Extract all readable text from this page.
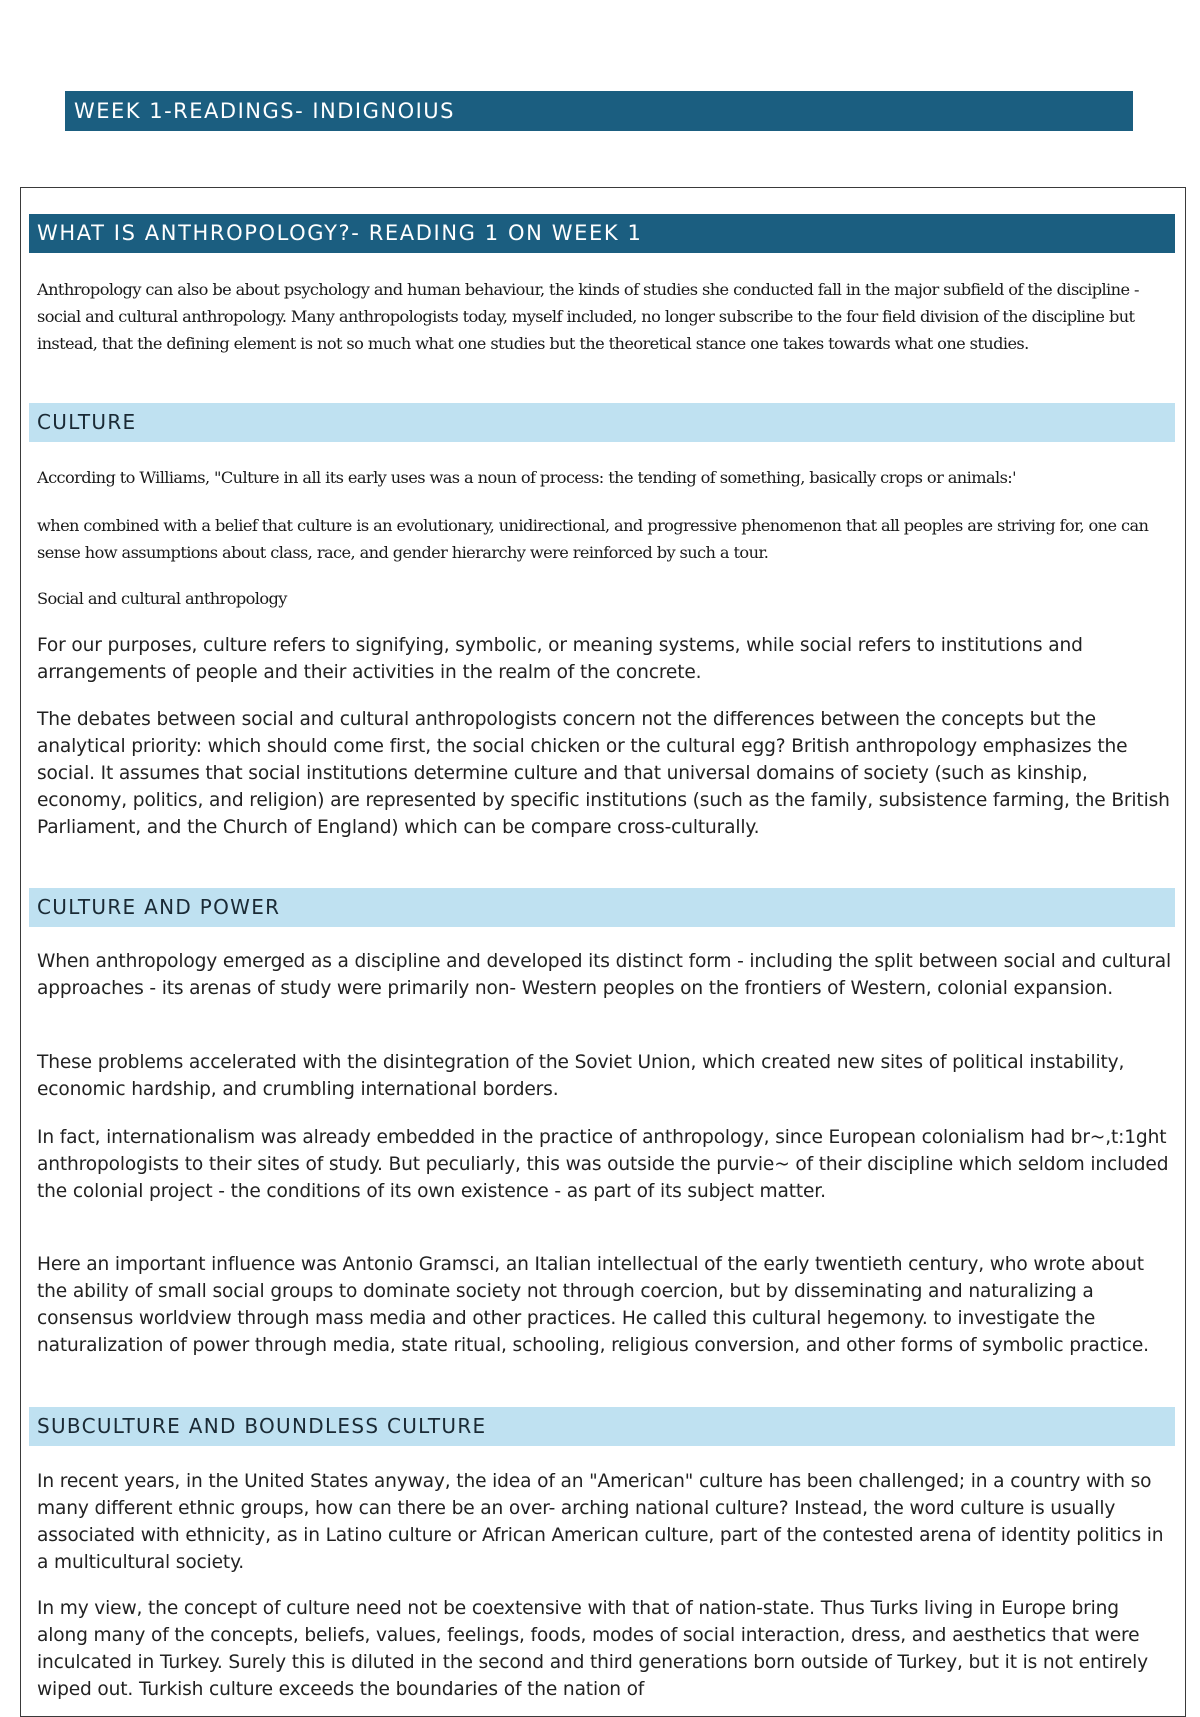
WEEK 1-READINGS- INDIGNOIUS
WHAT IS ANTHROPOLOGY?- READING 1 ON WEEK 1

Anthropology can also be about psychology and human behaviour, the kinds of studies she conducted fall in the major subfield of the discipline - social and cultural anthropology. Many anthropologists today, myself included, no longer subscribe to the four field division of the discipline but instead, that the defining element is not so much what one studies but the theoretical stance one takes towards what one studies.

CULTURE

According to Williams, "Culture in all its early uses was a noun of process: the tending of something, basically crops or animals:'

when combined with a belief that culture is an evolutionary, unidirectional, and progressive phenomenon that all peoples are striving for, one can sense how assumptions about class, race, and gender hierarchy were reinforced by such a tour.

Social and cultural anthropology

For our purposes, culture refers to signifying, symbolic, or meaning systems, while social refers to institutions and arrangements of people and their activities in the realm of the concrete.

The debates between social and cultural anthropologists concern not the differences between the concepts but the analytical priority: which should come first, the social chicken or the cultural egg? British anthropology emphasizes the social. It assumes that social institutions determine culture and that universal domains of society (such as kinship, economy, politics, and religion) are represented by specific institutions (such as the family, subsistence farming, the British Parliament, and the Church of England) which can be compare cross-culturally.

CULTURE AND POWER

When anthropology emerged as a discipline and developed its distinct form - including the split between social and cultural approaches - its arenas of study were primarily non- Western peoples on the frontiers of Western, colonial expansion.

These problems accelerated with the disintegration of the Soviet Union, which created new sites of political instability, economic hardship, and crumbling international borders.

In fact, internationalism was already embedded in the practice of anthropology, since European colonialism had br~,t:1ght anthropologists to their sites of study. But peculiarly, this was outside the purvie~ of their discipline which seldom included the colonial project - the conditions of its own existence - as part of its subject matter.

Here an important influence was Antonio Gramsci, an Italian intellectual of the early twentieth century, who wrote about the ability of small social groups to dominate society not through coercion, but by disseminating and naturalizing a consensus worldview through mass media and other practices. He called this cultural hegemony. to investigate the naturalization of power through media, state ritual, schooling, religious conversion, and other forms of symbolic practice.

SUBCULTURE AND BOUNDLESS CULTURE

In recent years, in the United States anyway, the idea of an "American" culture has been challenged; in a country with so many different ethnic groups, how can there be an over- arching national culture? Instead, the word culture is usually associated with ethnicity, as in Latino culture or African American culture, part of the contested arena of identity politics in a multicultural society.

In my view, the concept of culture need not be coextensive with that of nation-state. Thus Turks living in Europe bring along many of the concepts, beliefs, values, feelings, foods, modes of social interaction, dress, and aesthetics that were inculcated in Turkey. Surely this is diluted in the second and third generations born outside of Turkey, but it is not entirely wiped out. Turkish culture exceeds the boundaries of the nation of
